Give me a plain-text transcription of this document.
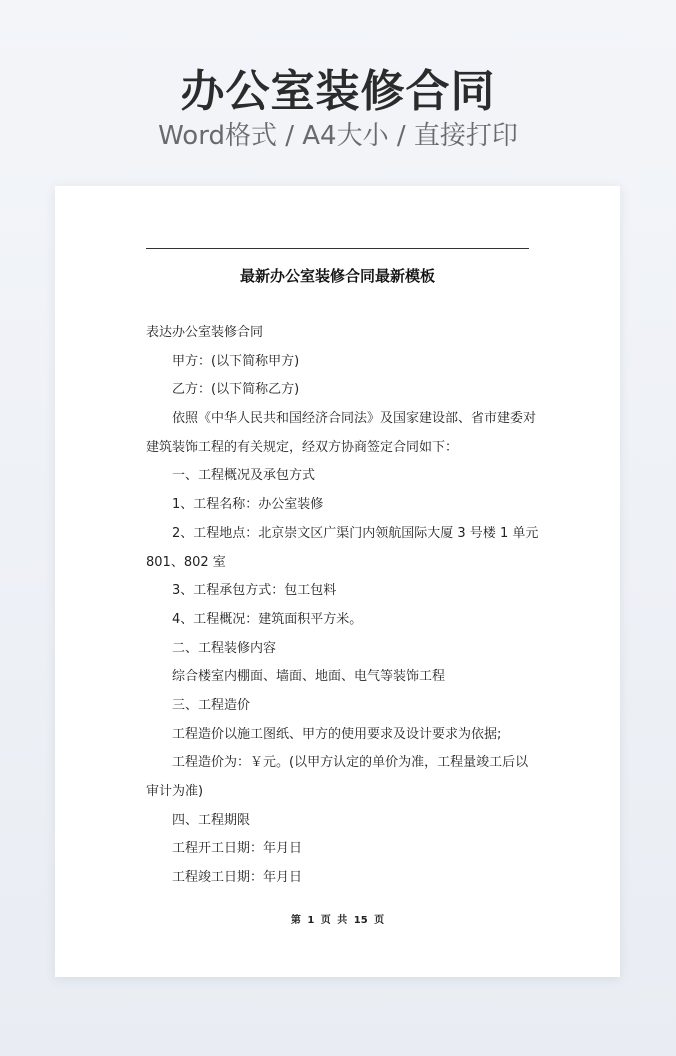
办公室装修合同
Word格式 / A4大小 / 直接打印
最新办公室装修合同最新模板
表达办公室装修合同
甲方：(以下简称甲方)
乙方：(以下简称乙方)
依照《中华人民共和国经济合同法》及国家建设部、省市建委对
建筑装饰工程的有关规定，经双方协商签定合同如下：
一、工程概况及承包方式
1、工程名称：办公室装修
2、工程地点：北京崇文区广渠门内领航国际大厦 3 号楼 1 单元
801、802 室
3、工程承包方式：包工包料
4、工程概况：建筑面积平方米。
二、工程装修内容
综合楼室内棚面、墙面、地面、电气等装饰工程
三、工程造价
工程造价以施工图纸、甲方的使用要求及设计要求为依据;
工程造价为：￥元。(以甲方认定的单价为准，工程量竣工后以
审计为准)
四、工程期限
工程开工日期：年月日
工程竣工日期：年月日
第 1 页 共 15 页
